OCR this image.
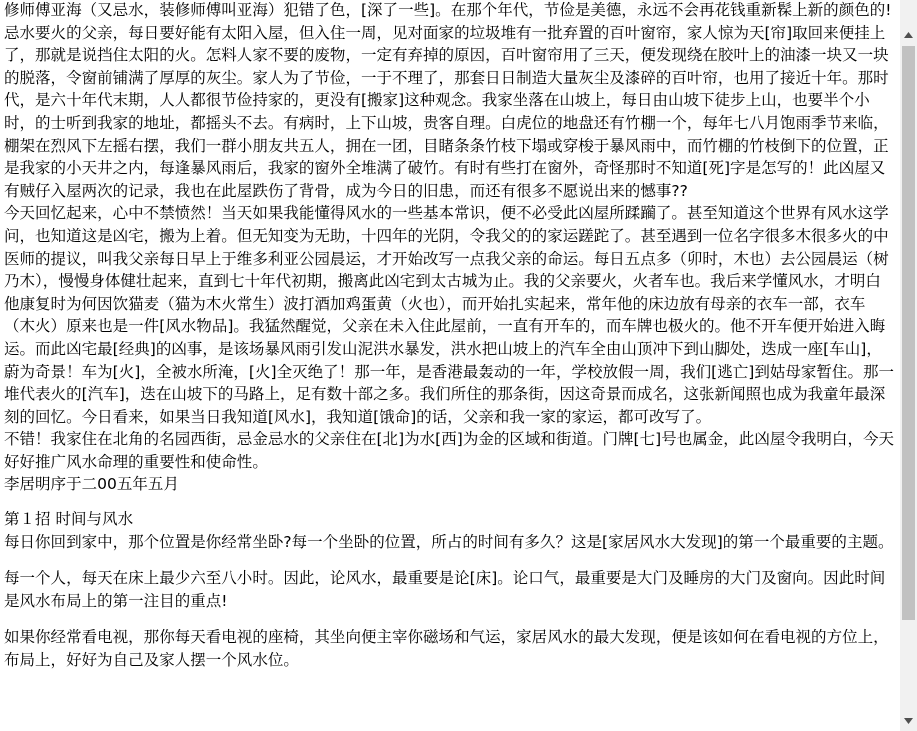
修师傅亚海（又忌水，装修师傅叫亚海）犯错了色，[深了一些]。在那个年代，节俭是美德，永远不会再花钱重新髹上新的颜色的!忌水要火的父亲，每日要好能有太阳入屋，但入住一周，见对面家的垃圾堆有一批弃置的百叶窗帘，家人惊为天[帘]取回来便挂上了，那就是说挡住太阳的火。怎料人家不要的废物，一定有弃掉的原因，百叶窗帘用了三天，便发现绕在胶叶上的油漆一块又一块的脱落，令窗前铺满了厚厚的灰尘。家人为了节俭，一于不理了，那套日日制造大量灰尘及漆碎的百叶帘，也用了接近十年。那时代，是六十年代末期，人人都很节俭持家的，更没有[搬家]这种观念。我家坐落在山坡上，每日由山坡下徒步上山，也要半个小时，的士听到我家的地址，都摇头不去。有病时，上下山坡，贵客自理。白虎位的地盘还有竹棚一个，每年七八月饱雨季节来临，棚架在烈风下左摇右摆，我们一群小朋友共五人，拥在一团，目睹条条竹枝下塌或穿梭于暴风雨中，而竹棚的竹枝倒下的位置，正是我家的小天井之内，每逢暴风雨后，我家的窗外全堆满了破竹。有时有些打在窗外，奇怪那时不知道[死]字是怎写的！此凶屋又有贼仔入屋两次的记录，我也在此屋跌伤了背骨，成为今日的旧患，而还有很多不愿说出来的憾事??

今天回忆起来，心中不禁愤然！当天如果我能懂得风水的一些基本常识，便不必受此凶屋所蹂躏了。甚至知道这个世界有风水这学问，也知道这是凶宅，搬为上着。但无知变为无助，十四年的光阴，令我父的的家运蹉跎了。甚至遇到一位名字很多木很多火的中医师的提议，叫我父亲每日早上于维多利亚公园晨运，才开始改写一点我父亲的命运。每日五点多（卯时，木也）去公园晨运（树乃木），慢慢身体健壮起来，直到七十年代初期，搬离此凶宅到太古城为止。我的父亲要火，火者车也。我后来学懂风水，才明白他康复时为何因饮猫麦（猫为木火常生）波打酒加鸡蛋黄（火也），而开始扎实起来，常年他的床边放有母亲的衣车一部，衣车（木火）原来也是一件[风水物品]。我猛然醒觉，父亲在未入住此屋前，一直有开车的，而车牌也极火的。他不开车便开始进入晦运。而此凶宅最[经典]的凶事，是该场暴风雨引发山泥洪水暴发，洪水把山坡上的汽车全由山顶冲下到山脚处，迭成一座[车山]，蔚为奇景！车为[火]，全被水所淹，[火]全灭绝了！那一年，是香港最轰动的一年，学校放假一周，我们[逃亡]到姑母家暂住。那一堆代表火的[汽车]，迭在山坡下的马路上，足有数十部之多。我们所住的那条街，因这奇景而成名，这张新闻照也成为我童年最深刻的回忆。今日看来，如果当日我知道[风水]，我知道[饿命]的话，父亲和我一家的家运，都可改写了。

不错！我家住在北角的名园西街，忌金忌水的父亲住在[北]为水[西]为金的区域和街道。门牌[七]号也属金，此凶屋令我明白，今天好好推广风水命理的重要性和使命性。

李居明序于二00五年五月

第１招 时间与风水

每日你回到家中，那个位置是你经常坐卧?每一个坐卧的位置，所占的时间有多久？这是[家居风水大发现]的第一个最重要的主题。

每一个人，每天在床上最少六至八小时。因此，论风水，最重要是论[床]。论口气，最重要是大门及睡房的大门及窗向。因此时间是风水布局上的第一注目的重点!

如果你经常看电视，那你每天看电视的座椅，其坐向便主宰你磁场和气运，家居风水的最大发现，便是该如何在看电视的方位上，布局上，好好为自己及家人摆一个风水位。
